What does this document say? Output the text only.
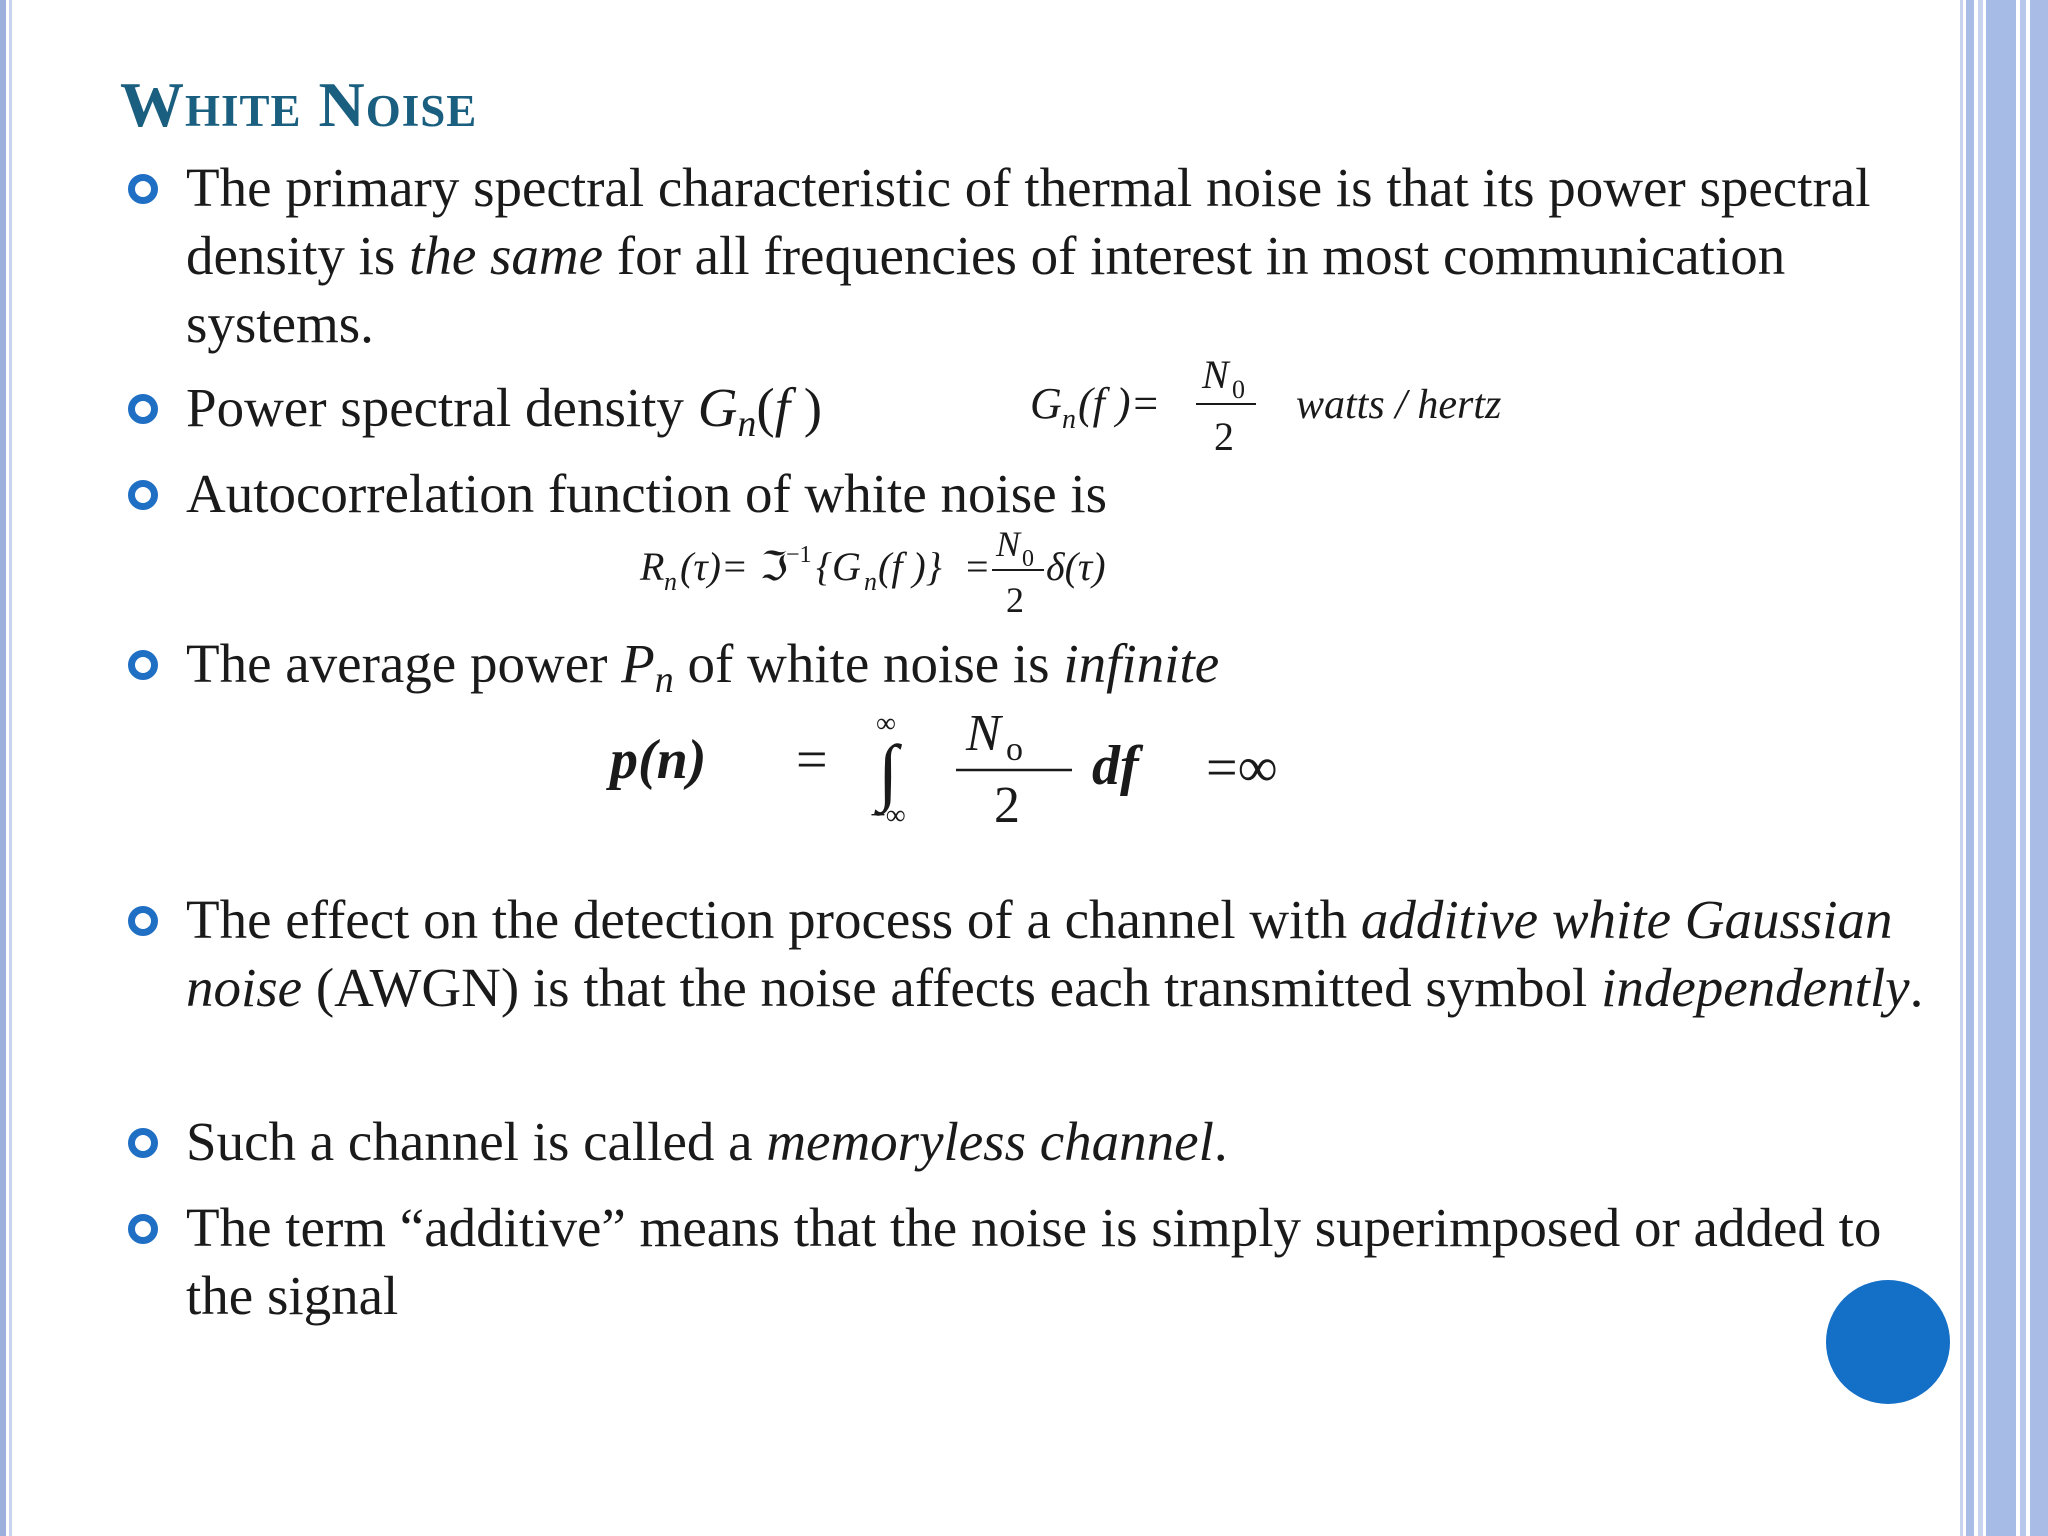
White Noise
The primary spectral characteristic of thermal noise is that its power spectral density is the same for all frequencies of interest in most communication systems.
Power spectral density Gn(f )
Autocorrelation function of white noise is
The average power Pn of white noise is infinite
The effect on the detection process of a channel with additive white Gaussian noise (AWGN) is that the noise affects each transmitted symbol independently.
Such a channel is called a memoryless channel.
The term “additive” means that the noise is simply superimposed or added to the signal
G n (f )=
N 0
2
watts / hertz
R n (τ)= ℑ
−1 {G n (f )} = N 0
2
δ(τ)
p(n) =
∞
∫
−∞
N o
2
df =∞
